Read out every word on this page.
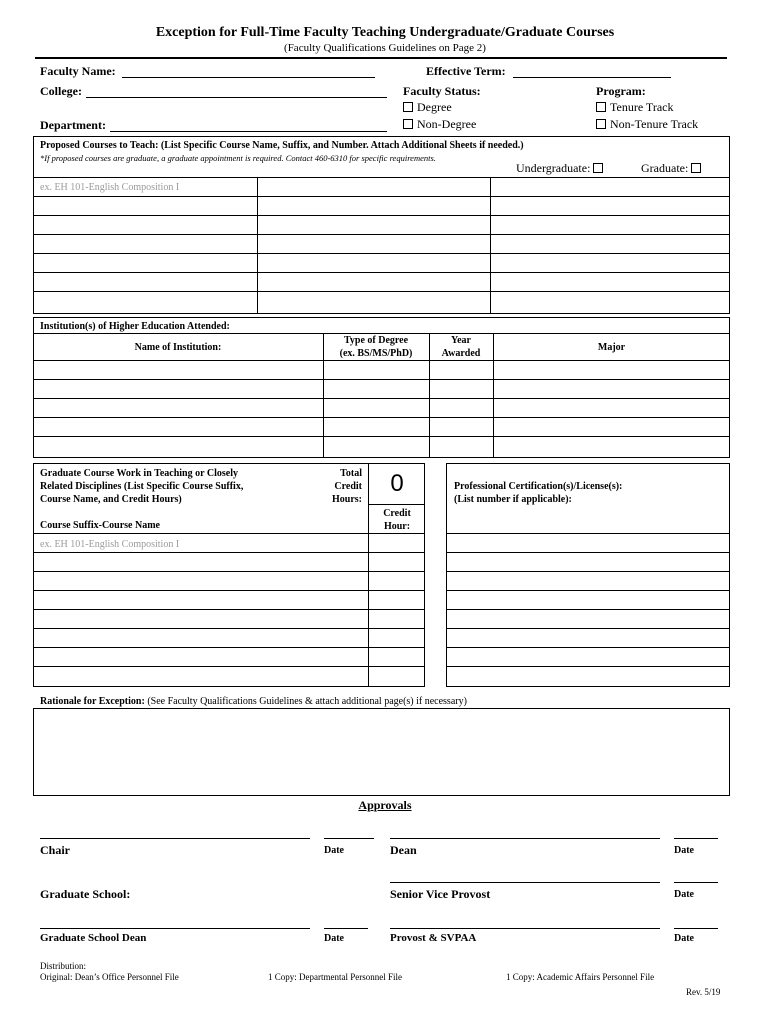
Exception for Full-Time Faculty Teaching Undergraduate/Graduate Courses
(Faculty Qualifications Guidelines on Page 2)
Faculty Name:	Effective Term:
College:
Department:
Faculty Status:
Degree
Non-Degree
Program:
Tenure Track
Non-Tenure Track
Proposed Courses to Teach: (List Specific Course Name, Suffix, and Number. Attach Additional Sheets if needed.)
*If proposed courses are graduate, a graduate appointment is required. Contact 460-6310 for specific requirements.
Undergraduate:	Graduate:
ex. EH 101-English Composition I
Institution(s) of Higher Education Attended:
Name of Institution:
Type of Degree
(ex. BS/MS/PhD)
Year
Awarded
Major
Graduate Course Work in Teaching or Closely
Related Disciplines (List Specific Course Suffix,
Course Name, and Credit Hours)
Total
Credit
Hours:
0
Credit
Hour:
Course Suffix-Course Name
ex. EH 101-English Composition I
Professional Certification(s)/License(s):
(List number if applicable):
Rationale for Exception: (See Faculty Qualifications Guidelines & attach additional page(s) if necessary)
Approvals
Chair	Date	Dean	Date
Graduate School:	Senior Vice Provost	Date
Graduate School Dean	Date	Provost & SVPAA	Date
Distribution:
Original: Dean’s Office Personnel File	1 Copy: Departmental Personnel File	1 Copy: Academic Affairs Personnel File
Rev. 5/19
